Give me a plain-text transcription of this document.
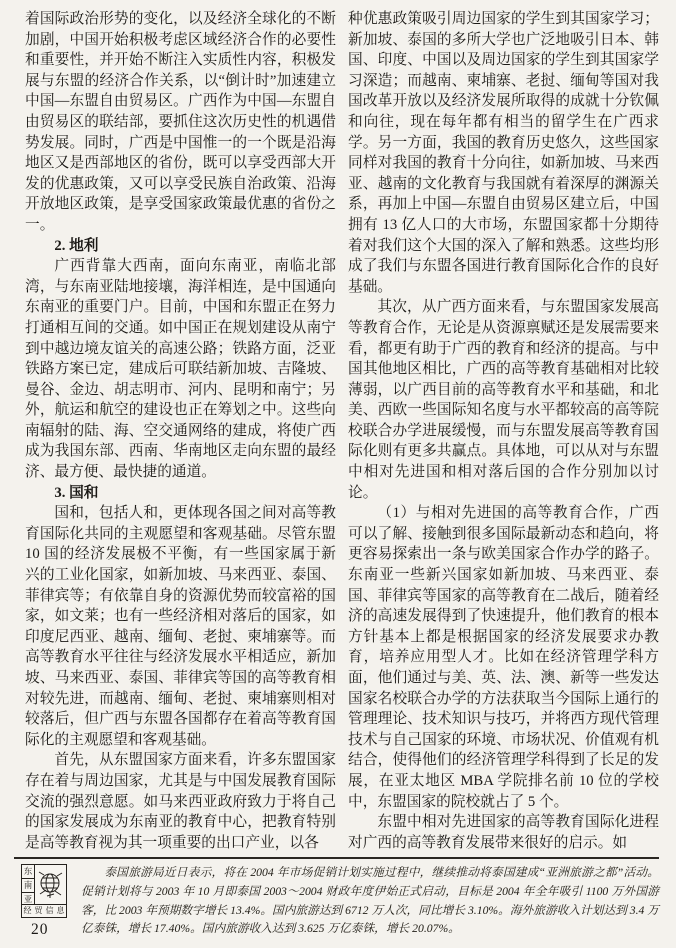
着国际政治形势的变化，以及经济全球化的不断加剧，中国开始积极考虑区域经济合作的必要性和重要性，并开始不断注入实质性内容，积极发展与东盟的经济合作关系，以“倒计时”加速建立中国—东盟自由贸易区。广西作为中国—东盟自由贸易区的联结部，要抓住这次历史性的机遇借势发展。同时，广西是中国惟一的一个既是沿海地区又是西部地区的省份，既可以享受西部大开发的优惠政策，又可以享受民族自治政策、沿海开放地区政策，是享受国家政策最优惠的省份之一。

2. 地利

广西背靠大西南，面向东南亚，南临北部湾，与东南亚陆地接壤，海洋相连，是中国通向东南亚的重要门户。目前，中国和东盟正在努力打通相互间的交通。如中国正在规划建设从南宁到中越边境友谊关的高速公路；铁路方面，泛亚铁路方案已定，建成后可联结新加坡、吉隆坡、曼谷、金边、胡志明市、河内、昆明和南宁；另外，航运和航空的建设也正在筹划之中。这些向南辐射的陆、海、空交通网络的建成，将使广西成为我国东部、西南、华南地区走向东盟的最经济、最方便、最快捷的通道。

3. 国和

国和，包括人和，更体现各国之间对高等教育国际化共同的主观愿望和客观基础。尽管东盟 10 国的经济发展极不平衡，有一些国家属于新兴的工业化国家，如新加坡、马来西亚、泰国、菲律宾等；有依靠自身的资源优势而较富裕的国家，如文莱；也有一些经济相对落后的国家，如印度尼西亚、越南、缅甸、老挝、柬埔寨等。而高等教育水平往往与经济发展水平相适应，新加坡、马来西亚、泰国、菲律宾等国的高等教育相对较先进，而越南、缅甸、老挝、柬埔寨则相对较落后，但广西与东盟各国都存在着高等教育国际化的主观愿望和客观基础。

首先，从东盟国家方面来看，许多东盟国家存在着与周边国家，尤其是与中国发展教育国际交流的强烈意愿。如马来西亚政府致力于将自己的国家发展成为东南亚的教育中心，把教育特别是高等教育视为其一项重要的出口产业，以各

种优惠政策吸引周边国家的学生到其国家学习；新加坡、泰国的多所大学也广泛地吸引日本、韩国、印度、中国以及周边国家的学生到其国家学习深造；而越南、柬埔寨、老挝、缅甸等国对我国改革开放以及经济发展所取得的成就十分钦佩和向往，现在每年都有相当的留学生在广西求学。另一方面，我国的教育历史悠久，这些国家同样对我国的教育十分向往，如新加坡、马来西亚、越南的文化教育与我国就有着深厚的渊源关系，再加上中国—东盟自由贸易区建立后，中国拥有 13 亿人口的大市场，东盟国家都十分期待着对我们这个大国的深入了解和熟悉。这些均形成了我们与东盟各国进行教育国际化合作的良好基础。

其次，从广西方面来看，与东盟国家发展高等教育合作，无论是从资源禀赋还是发展需要来看，都更有助于广西的教育和经济的提高。与中国其他地区相比，广西的高等教育基础相对比较薄弱，以广西目前的高等教育水平和基础，和北美、西欧一些国际知名度与水平都较高的高等院校联合办学进展缓慢，而与东盟发展高等教育国际化则有更多共赢点。具体地，可以从对与东盟中相对先进国和相对落后国的合作分别加以讨论。

（1）与相对先进国的高等教育合作，广西可以了解、接触到很多国际最新动态和趋向，将更容易探索出一条与欧美国家合作办学的路子。东南亚一些新兴国家如新加坡、马来西亚、泰国、菲律宾等国家的高等教育在二战后，随着经济的高速发展得到了快速提升，他们教育的根本方针基本上都是根据国家的经济发展要求办教育，培养应用型人才。比如在经济管理学科方面，他们通过与美、英、法、澳、新等一些发达国家名校联合办学的方法获取当今国际上通行的管理理论、技术知识与技巧，并将西方现代管理技术与自己国家的环境、市场状况、价值观有机结合，使得他们的经济管理学科得到了长足的发展，在亚太地区 MBA 学院排名前 10 位的学校中，东盟国家的院校就占了 5 个。

东盟中相对先进国家的高等教育国际化进程对广西的高等教育发展带来很好的启示。如

东
南
亚
经 贸 信 息
20
泰国旅游局近日表示，将在 2004 年市场促销计划实施过程中，继续推动将泰国建成“亚洲旅游之都”活动。促销计划将与 2003 年 10 月即泰国 2003～2004 财政年度伊始正式启动，目标是 2004 年全年吸引 1100 万外国游客，比 2003 年预期数字增长 13.4%。国内旅游达到 6712 万人次，同比增长 3.10%。海外旅游收入计划达到 3.4 万亿泰铢，增长 17.40%。国内旅游收入达到 3.625 万亿泰铢，增长 20.07%。
